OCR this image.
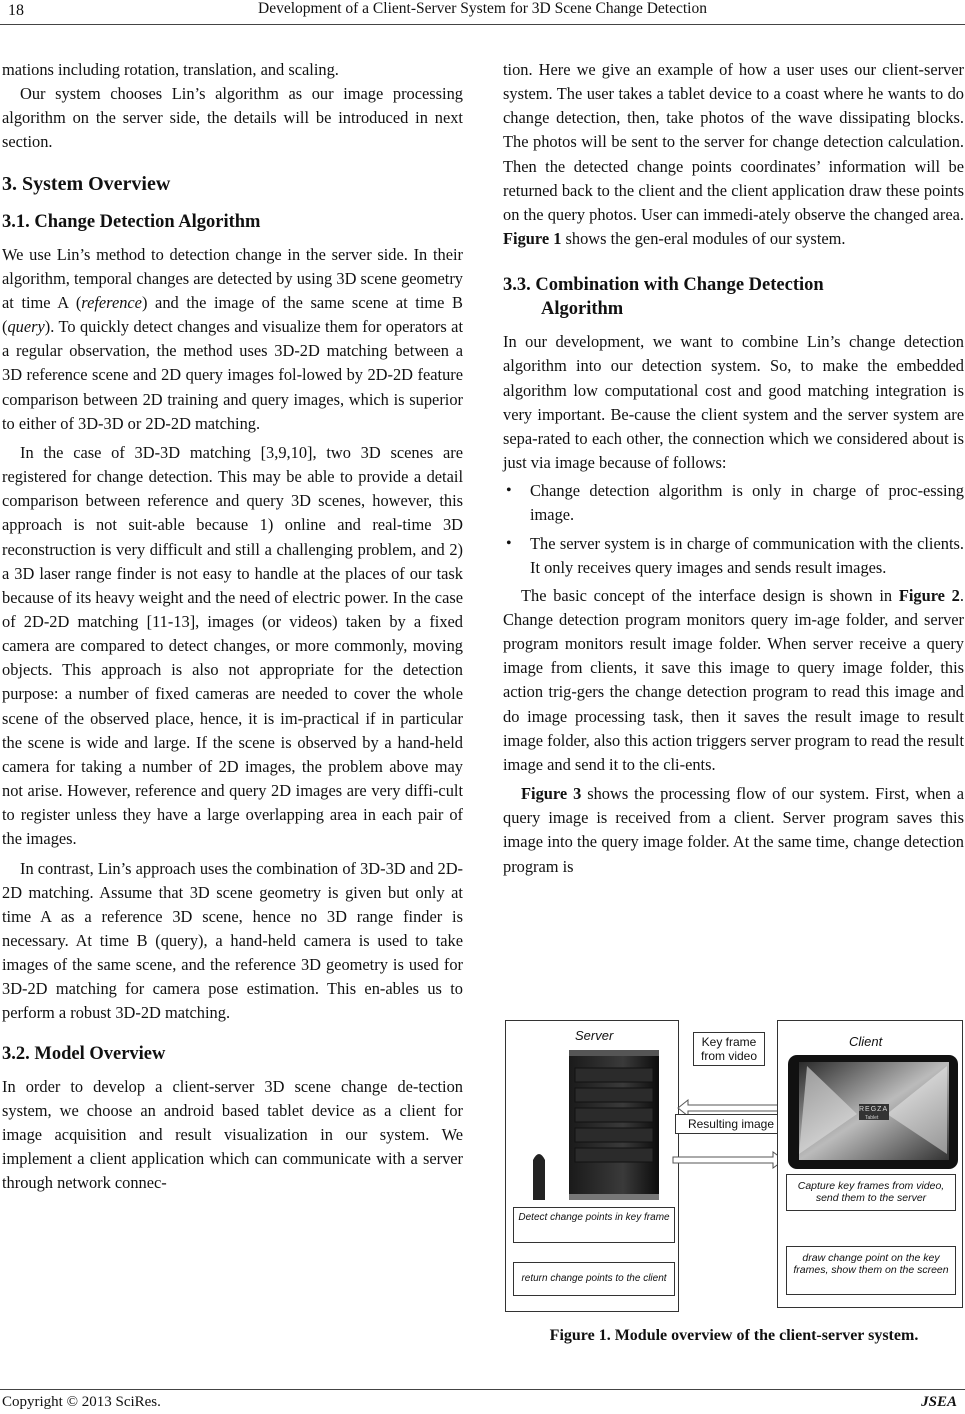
18	Development of a Client-Server System for 3D Scene Change Detection

mations including rotation, translation, and scaling.

Our system chooses Lin’s algorithm as our image processing algorithm on the server side, the details will be introduced in next section.

3. System Overview
3.1. Change Detection Algorithm

We use Lin’s method to detection change in the server side. In their algorithm, temporal changes are detected by using 3D scene geometry at time A (reference) and the image of the same scene at time B (query). To quickly detect changes and visualize them for operators at a regular observation, the method uses 3D-2D matching between a 3D reference scene and 2D query images fol-lowed by 2D-2D feature comparison between 2D training and query images, which is superior to either of 3D-3D or 2D-2D matching.

In the case of 3D-3D matching [3,9,10], two 3D scenes are registered for change detection. This may be able to provide a detail comparison between reference and query 3D scenes, however, this approach is not suit-able because 1) online and real-time 3D reconstruction is very difficult and still a challenging problem, and 2) a 3D laser range finder is not easy to handle at the places of our task because of its heavy weight and the need of electric power. In the case of 2D-2D matching [11-13], images (or videos) taken by a fixed camera are compared to detect changes, or more commonly, moving objects. This approach is also not appropriate for the detection purpose: a number of fixed cameras are needed to cover the whole scene of the observed place, hence, it is im-practical if in particular the scene is wide and large. If the scene is observed by a hand-held camera for taking a number of 2D images, the problem above may not arise. However, reference and query 2D images are very diffi-cult to register unless they have a large overlapping area in each pair of the images.

In contrast, Lin’s approach uses the combination of 3D-3D and 2D-2D matching. Assume that 3D scene geometry is given but only at time A as a reference 3D scene, hence no 3D range finder is necessary. At time B (query), a hand-held camera is used to take images of the same scene, and the reference 3D geometry is used for 3D-2D matching for camera pose estimation. This en-ables us to perform a robust 3D-2D matching.

3.2. Model Overview

In order to develop a client-server 3D scene change de-tection system, we choose an android based tablet device as a client for image acquisition and result visualization in our system. We implement a client application which can communicate with a server through network connec-

tion. Here we give an example of how a user uses our client-server system. The user takes a tablet device to a coast where he wants to do change detection, then, take photos of the wave dissipating blocks. The photos will be sent to the server for change detection calculation. Then the detected change points coordinates’ information will be returned back to the client and the client application draw these points on the query photos. User can immedi-ately observe the changed area. Figure 1 shows the gen-eral modules of our system.

3.3. Combination with Change Detection
Algorithm

In our development, we want to combine Lin’s change detection algorithm into our detection system. So, to make the embedded algorithm low computational cost and good matching integration is very important. Be-cause the client system and the server system are sepa-rated to each other, the connection which we considered about is just via image because of follows:

• Change detection algorithm is only in charge of proc-essing image.
• The server system is in charge of communication with the clients. It only receives query images and sends result images.

The basic concept of the interface design is shown in Figure 2. Change detection program monitors query im-age folder, and server program monitors result image folder. When server receive a query image from clients, it save this image to query image folder, this action trig-gers the change detection program to read this image and do image processing task, then it saves the result image to result image folder, also this action triggers server program to read the result image and send it to the cli-ents.

Figure 3 shows the processing flow of our system. First, when a query image is received from a client. Server program saves this image into the query image folder. At the same time, change detection program is

Server
Detect change points in key frame
return change points to the client
Key frame from video
Resulting image
Client
REGZA
Tablet
Capture key frames from video, send them to the server
draw change point on the key frames, show them on the screen
Figure 1. Module overview of the client-server system.
Copyright © 2013 SciRes.	JSEA
